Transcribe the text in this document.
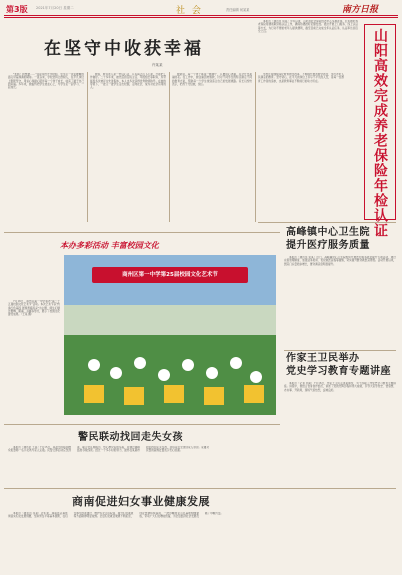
第3版 2021年7月20日 星期二	社 会	责任编辑 何某某	南方日报
在坚守中收获幸福
许某某

"老师！我想要……"这是该校开学伊始，学生们一张张稚嫩的面孔带着满满的期待。一直以来，学校坚持立德树人，在平凡岗位上默默坚守，用爱心和耐心陪伴每一个孩子成长，收获了属于自己的幸福。多年来，她始终把学生放在心上，与学生们一起学习、一起成长。

她说，教书育人是一份良心活，只有真正沉下心来，才能把工作做好。二十多年来，她先后担任班主任、年级组长等职务，所带班级多次被评为先进集体，本人也多次获得优秀教师称号。在她的带领下，一批又一批学生走出校园，走向社会，成为对社会有用的人。

她常说，每一个孩子都是一颗种子，只要用心浇灌，总会开出美丽的花。在工作中，她注重因材施教，针对不同学生的特点制定不同的教育方案，帮助每一个学生找到适合自己的发展道路。家长们纷纷表示，把孩子交给她，放心。

学校还将继续深化教育教学改革，不断提升教育教学质量，努力办好人民满意的教育。坚守初心，在平凡的岗位上书写不平凡的人生，是每一位教育工作者的追求，也是教育事业不断前行的动力所在。

本报讯（通讯员 何某）今年以来，山阳县社会保险经办中心多措并举，扎实做好养老保险待遇领取资格认证工作，确保待遇按时足额发放。通过开展上门服务、线上认证等方式，为行动不便的老年人提供便利，截至目前已完成全年认证任务，认证率达到百分之百。	山阳高效完成养老保险年检认证
高峰镇中心卫生院
提升医疗服务质量

本报讯（通讯员 张某）近日，高峰镇中心卫生院组织开展医疗服务质量提升专项活动，通过完善管理制度、加强业务培训、优化就医流程等措施，切实提升群众就医获得感。活动开展以来，医院门诊量稳步增长，群众满意度明显提升。

作家王卫民举办
党史学习教育专题讲座

本报讯（记者 刘某）7月16日，作家王卫民走进某单位，为干部职工作党史学习教育专题讲座。讲座中，他结合自身创作经历，讲述了党的光辉历程和伟大成就，引导大家学党史、悟思想、办实事、开新局，现场气氛热烈，反响良好。

本办多彩活动 丰富校园文化
商州区第一中学第25届校园文化艺术节

7月16日，商州区第一中学举办"第二十五届校园文化艺术节"活动。本次艺术节以"传承红色基因 展现青春风采"为主题，师生们通过歌舞、朗诵、书画等形式，展示了校园文化建设成果。（王某 摄）

警民联动找回走失女孩

本报讯（通讯员 王某）7月15日，某派出所接到群众报警称一名小女孩与家人走散。民警立即启动应急预案，联合社区网格员、热心群众沿街巡查，并通过调取监控寻找线索。经过一个多小时的努力，最终在某超市附近找到走失女孩，并将其安全送回家人身边。家属对民警的高效处置表示衷心感谢。

商南促进妇女事业健康发展

本报讯（通讯员 李某）近年来，商南县认真贯彻落实妇女发展纲要，坚持男女平等基本国策，在妇女参与经济建设、维护妇女合法权益、提升妇女素质等方面取得明显成效。全县妇女就业渠道不断拓宽，创业热情持续高涨，一批巾帼创业示范基地相继建成，带动广大妇女增收致富，为全县经济社会发展贡献了巾帼力量。
